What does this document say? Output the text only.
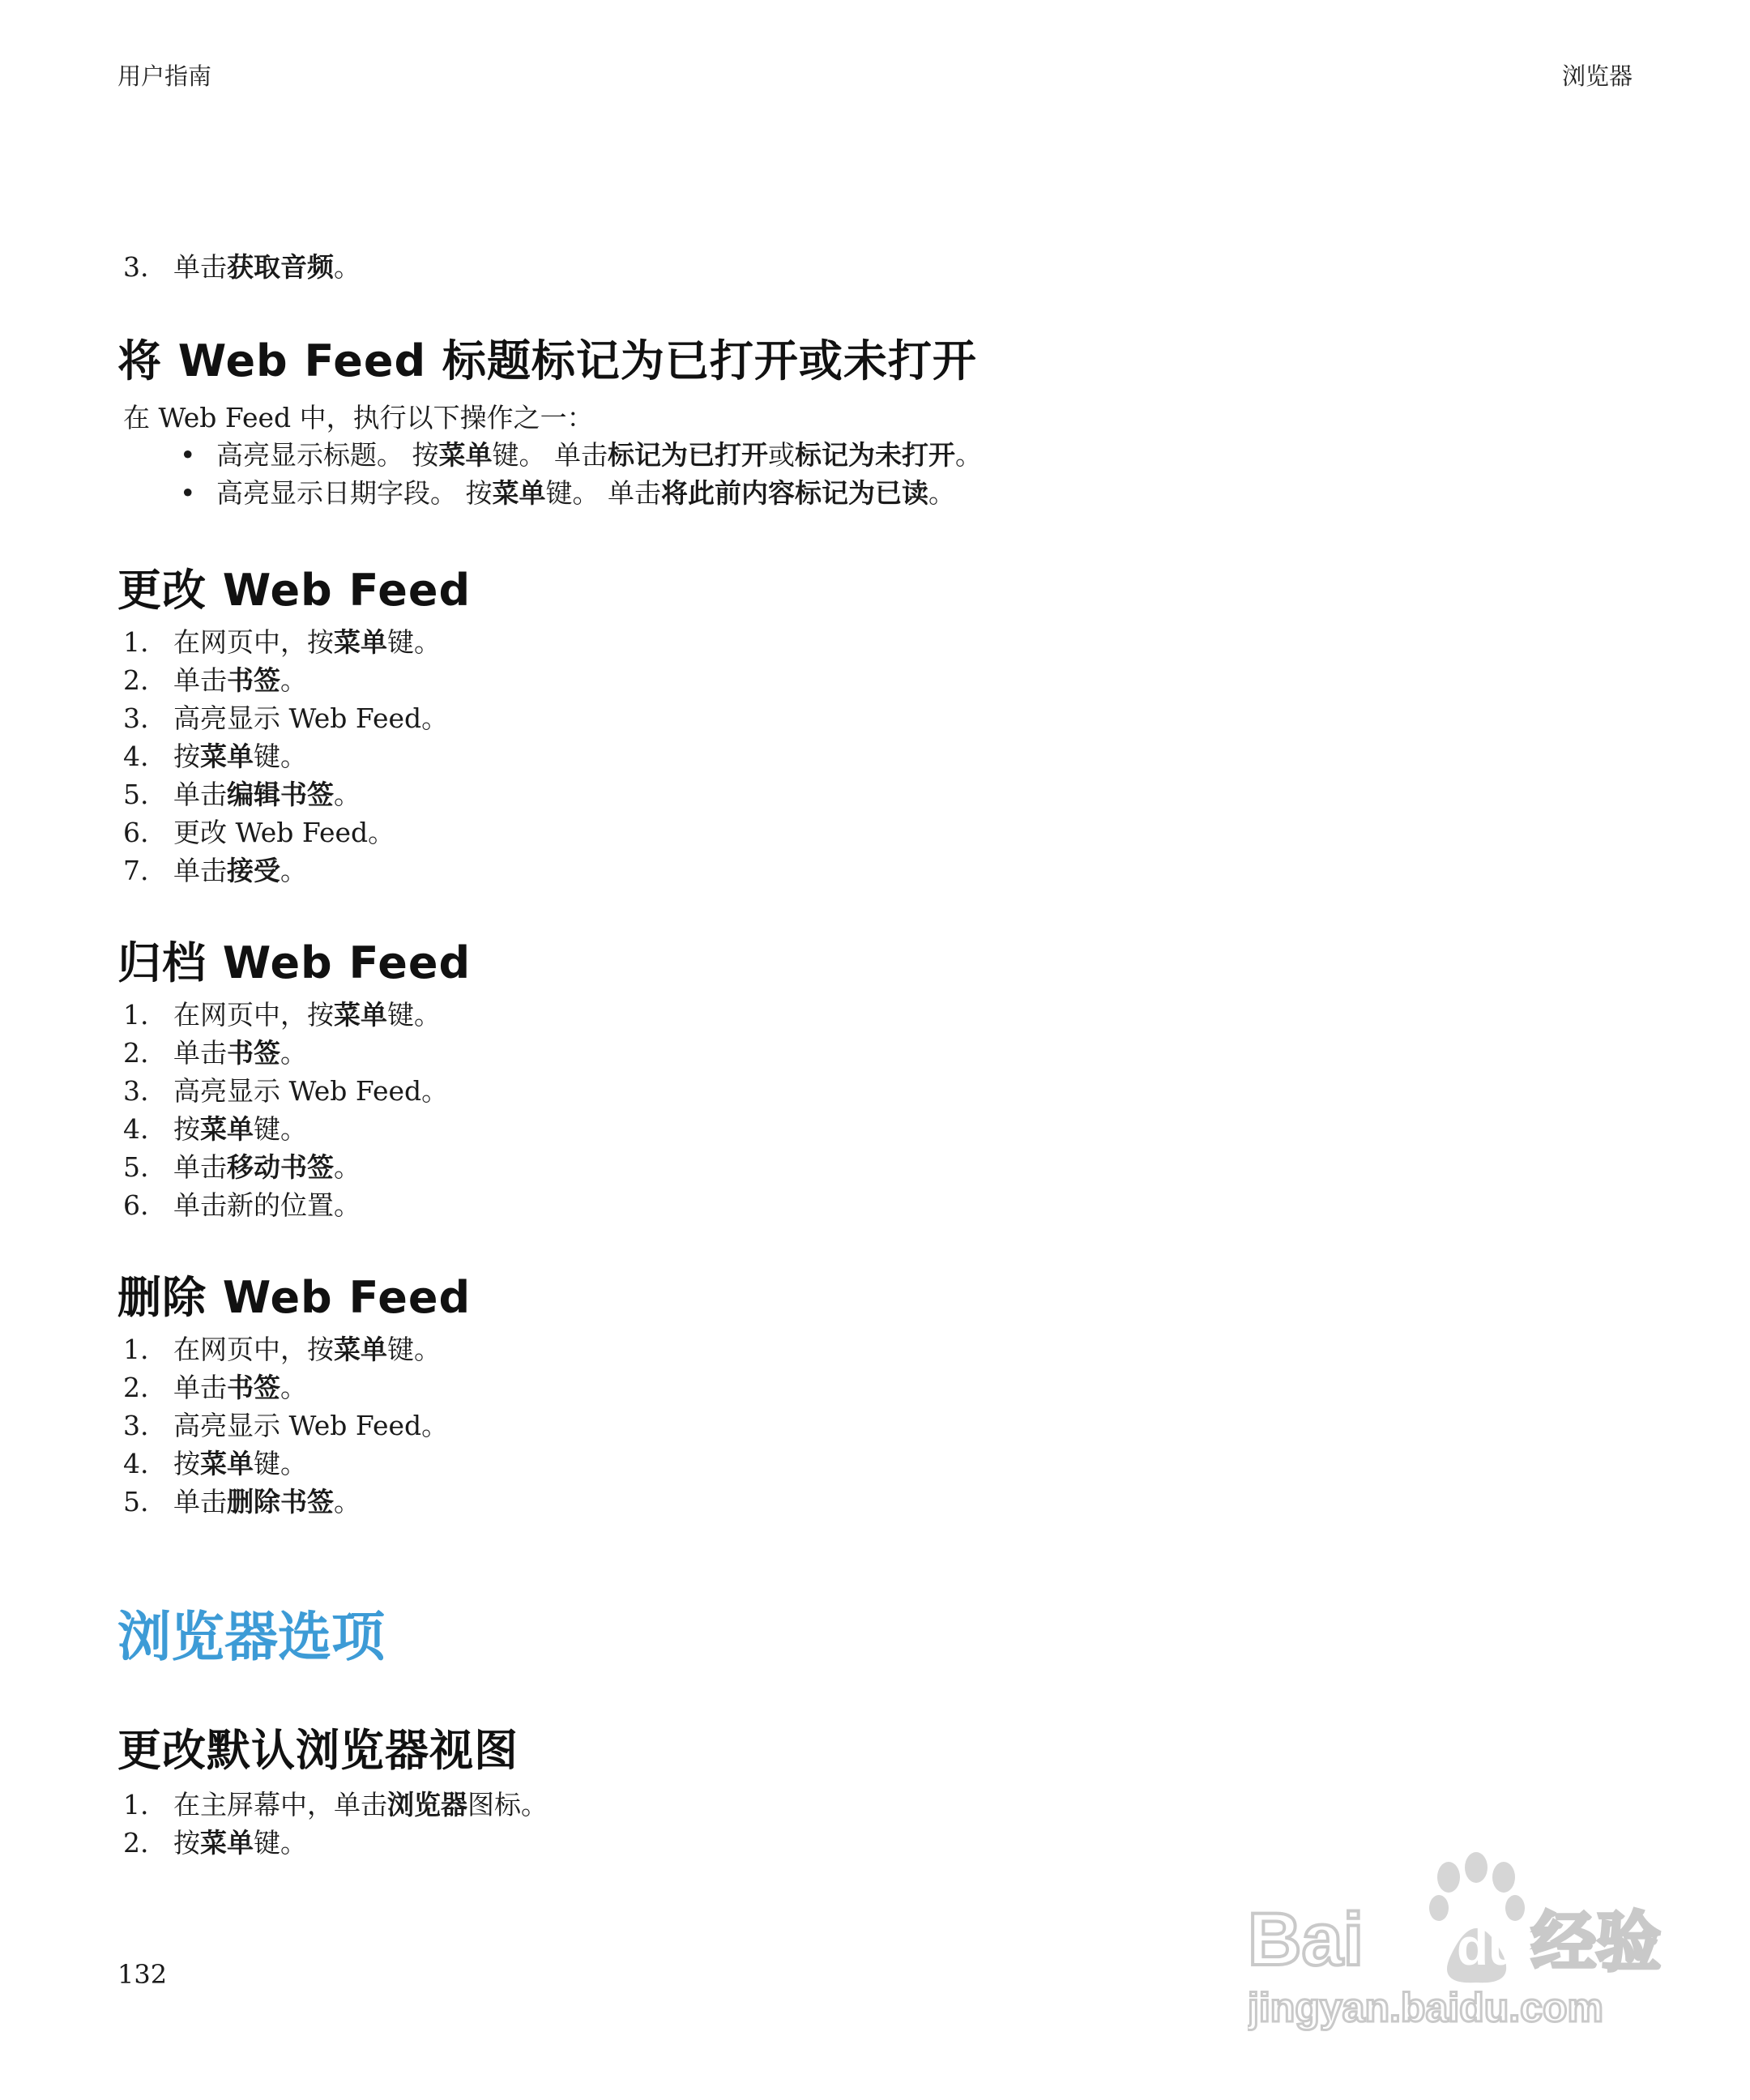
用户指南	浏览器
3. 单击获取音频。
将 Web Feed 标题标记为已打开或未打开
在 Web Feed 中，执行以下操作之一：
• 高亮显示标题。 按菜单键。 单击标记为已打开或标记为未打开。
• 高亮显示日期字段。 按菜单键。 单击将此前内容标记为已读。
更改 Web Feed
1. 在网页中，按菜单键。
2. 单击书签。
3. 高亮显示 Web Feed。
4. 按菜单键。
5. 单击编辑书签。
6. 更改 Web Feed。
7. 单击接受。
归档 Web Feed
1. 在网页中，按菜单键。
2. 单击书签。
3. 高亮显示 Web Feed。
4. 按菜单键。
5. 单击移动书签。
6. 单击新的位置。
删除 Web Feed
1. 在网页中，按菜单键。
2. 单击书签。
3. 高亮显示 Web Feed。
4. 按菜单键。
5. 单击删除书签。
浏览器选项
更改默认浏览器视图
1. 在主屏幕中，单击浏览器图标。
2. 按菜单键。
132	Bai du 经验
jingyan.baidu.com
